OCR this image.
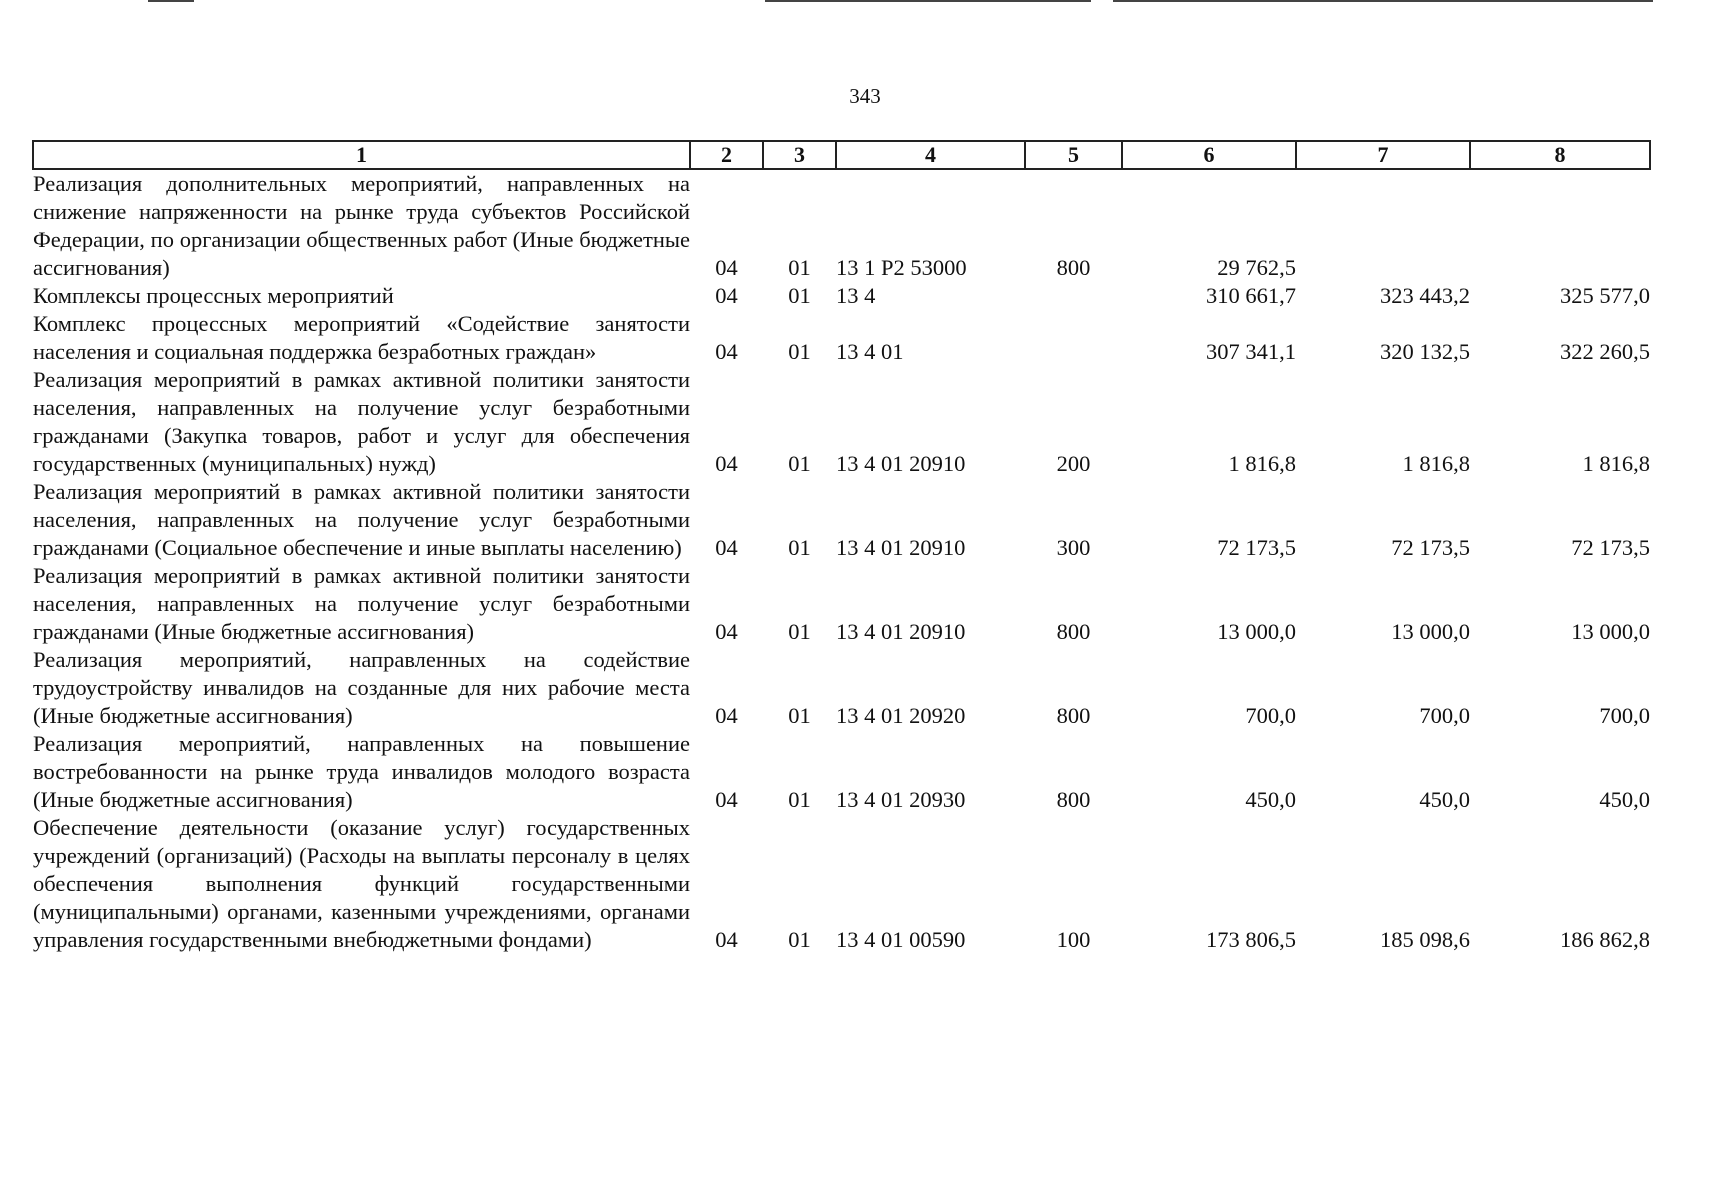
343
1	2	3	4	5	6	7	8
Реализация дополнительных мероприятий, направленных на снижение напряженности на рынке труда субъектов Российской Федерации, по организации общественных работ (Иные бюджетные ассигнования)	04	01	13 1 Р2 53000	800	29 762,5		
Комплексы процессных мероприятий	04	01	13 4		310 661,7	323 443,2	325 577,0
Комплекс процессных мероприятий «Содействие занятости населения и социальная поддержка безработных граждан»	04	01	13 4 01		307 341,1	320 132,5	322 260,5
Реализация мероприятий в рамках активной политики занятости населения, направленных на получение услуг безработными гражданами (Закупка товаров, работ и услуг для обеспечения государственных (муниципальных) нужд)	04	01	13 4 01 20910	200	1 816,8	1 816,8	1 816,8
Реализация мероприятий в рамках активной политики занятости населения, направленных на получение услуг безработными гражданами (Социальное обеспечение и иные выплаты населению)	04	01	13 4 01 20910	300	72 173,5	72 173,5	72 173,5
Реализация мероприятий в рамках активной политики занятости населения, направленных на получение услуг безработными гражданами (Иные бюджетные ассигнования)	04	01	13 4 01 20910	800	13 000,0	13 000,0	13 000,0
Реализация мероприятий, направленных на содействие трудоустройству инвалидов на созданные для них рабочие места (Иные бюджетные ассигнования)	04	01	13 4 01 20920	800	700,0	700,0	700,0
Реализация мероприятий, направленных на повышение востребованности на рынке труда инвалидов молодого возраста (Иные бюджетные ассигнования)	04	01	13 4 01 20930	800	450,0	450,0	450,0
Обеспечение деятельности (оказание услуг) государственных учреждений (организаций) (Расходы на выплаты персоналу в целях обеспечения выполнения функций государственными (муниципальными) органами, казенными учреждениями, органами управления государственными внебюджетными фондами)	04	01	13 4 01 00590	100	173 806,5	185 098,6	186 862,8
